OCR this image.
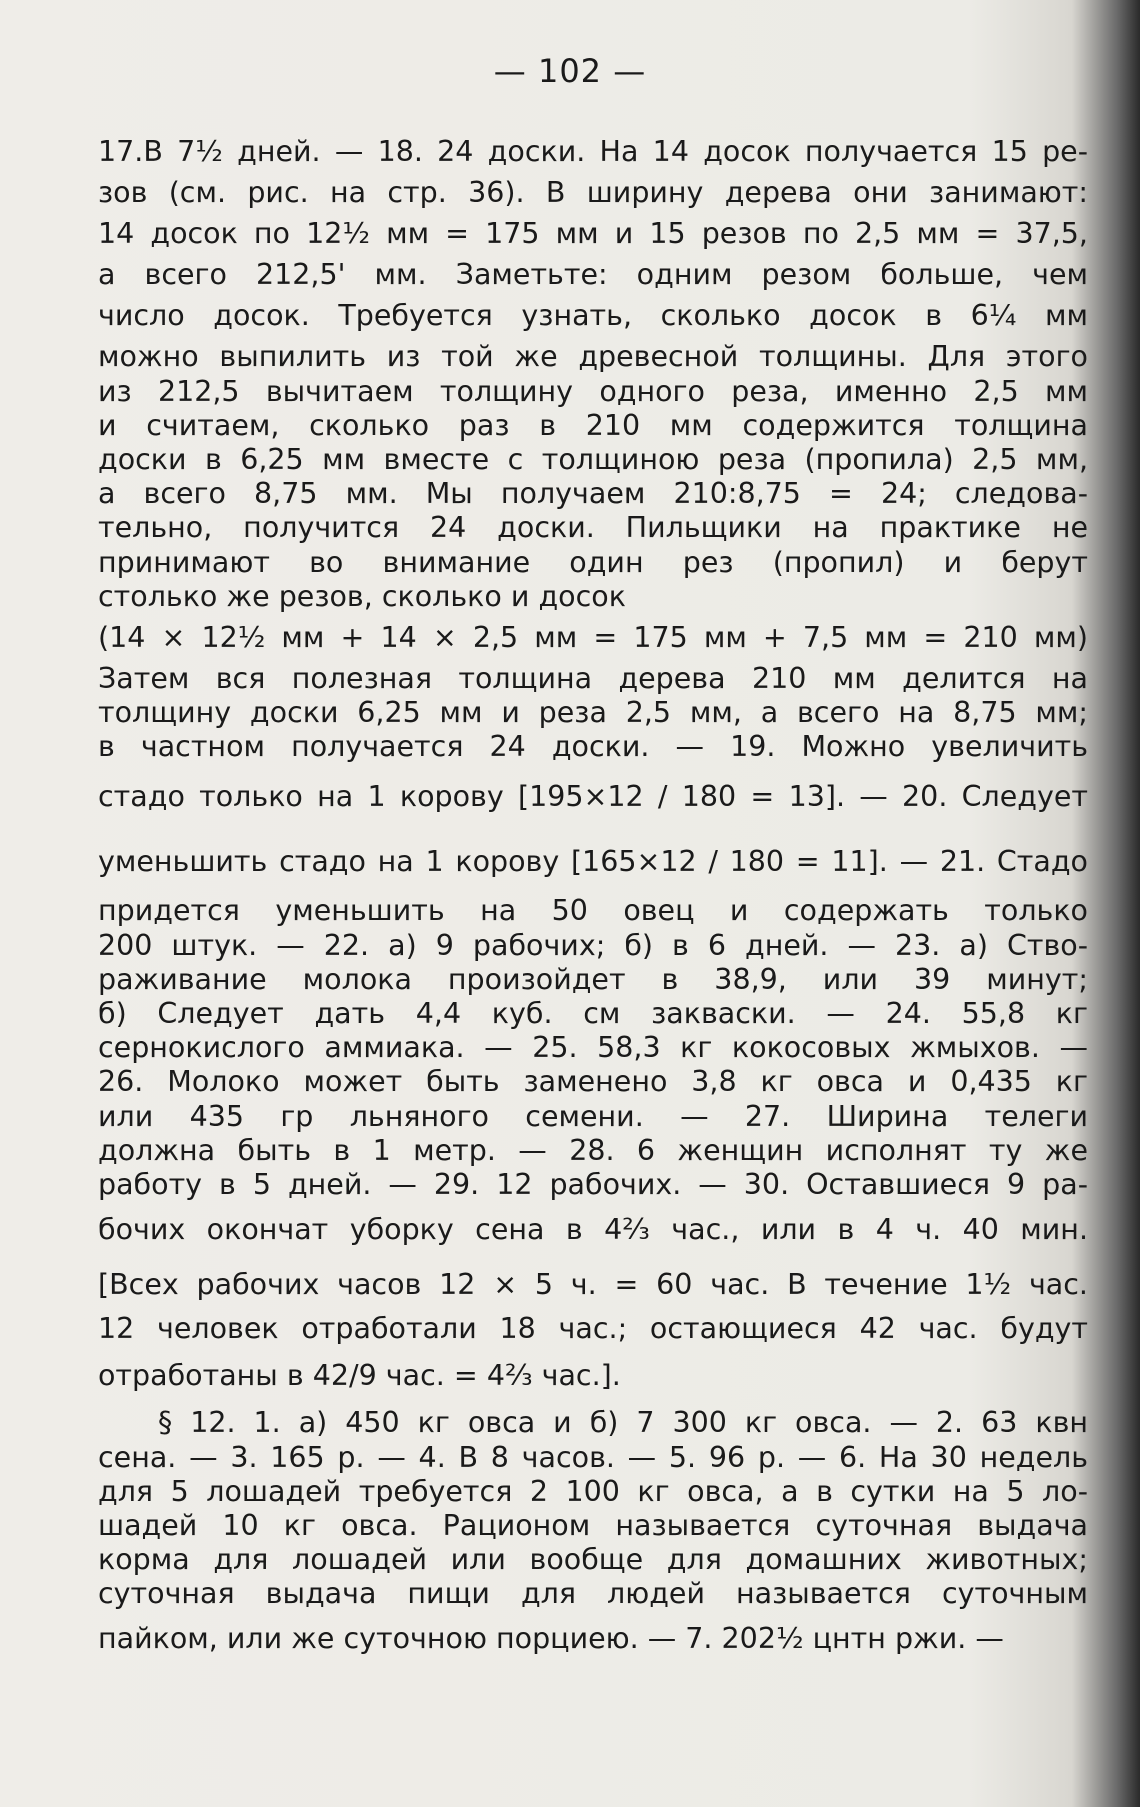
— 102 —
17.В 7½ дней. — 18. 24 доски. На 14 досок получается 15 ре-
зов (см. рис. на стр. 36). В ширину дерева они занимают:
14 досок по 12½ мм = 175 мм и 15 резов по 2,5 мм = 37,5,
а всего 212,5' мм. Заметьте: одним резом больше, чем
число досок. Требуется узнать, сколько досок в 6¼ мм
можно выпилить из той же древесной толщины. Для этого
из 212,5 вычитаем толщину одного реза, именно 2,5 мм
и считаем, сколько раз в 210 мм содержится толщина
доски в 6,25 мм вместе с толщиною реза (пропила) 2,5 мм,
а всего 8,75 мм. Мы получаем 210:8,75 = 24; следова-
тельно, получится 24 доски. Пильщики на практике не
принимают во внимание один рез (пропил) и берут
столько же резов, сколько и досок
(14 × 12½ мм + 14 × 2,5 мм = 175 мм + 7,5 мм = 210 мм)
Затем вся полезная толщина дерева 210 мм делится на
толщину доски 6,25 мм и реза 2,5 мм, а всего на 8,75 мм;
в частном получается 24 доски. — 19. Можно увеличить
стадо только на 1 корову [195×12 / 180 = 13]. — 20. Следует
уменьшить стадо на 1 корову [165×12 / 180 = 11]. — 21. Стадо
придется уменьшить на 50 овец и содержать только
200 штук. — 22. а) 9 рабочих; б) в 6 дней. — 23. а) Ство-
раживание молока произойдет в 38,9, или 39 минут;
б) Следует дать 4,4 куб. см закваски. — 24. 55,8 кг
сернокислого аммиака. — 25. 58,3 кг кокосовых жмыхов. —
26. Молоко может быть заменено 3,8 кг овса и 0,435 кг
или 435 гр льняного семени. — 27. Ширина телеги
должна быть в 1 метр. — 28. 6 женщин исполнят ту же
работу в 5 дней. — 29. 12 рабочих. — 30. Оставшиеся 9 ра-
бочих окончат уборку сена в 4⅔ час., или в 4 ч. 40 мин.
[Всех рабочих часов 12 × 5 ч. = 60 час. В течение 1½ час.
12 человек отработали 18 час.; остающиеся 42 час. будут
отработаны в 42/9 час. = 4⅔ час.].
§ 12. 1. а) 450 кг овса и б) 7 300 кг овса. — 2. 63 квн
сена. — 3. 165 р. — 4. В 8 часов. — 5. 96 р. — 6. На 30 недель
для 5 лошадей требуется 2 100 кг овса, а в сутки на 5 ло-
шадей 10 кг овса. Рационом называется суточная выдача
корма для лошадей или вообще для домашних животных;
суточная выдача пищи для людей называется суточным
пайком, или же суточною порциею. — 7. 202½ цнтн ржи. —
